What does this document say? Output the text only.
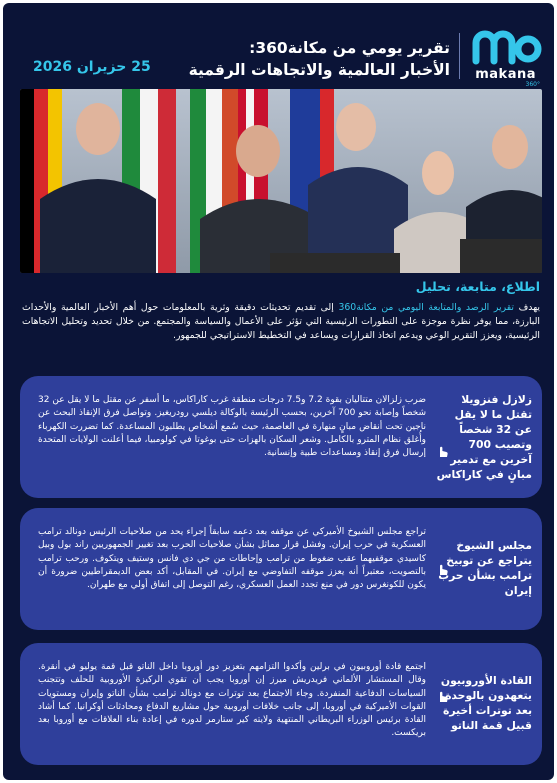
makana
360°
تقرير يومي من مكانة360:
الأخبار العالمية والاتجاهات الرقمية
25 حزيران 2026
اطلاع، متابعة، تحليل
يهدف تقرير الرصد والمتابعة اليومي من مكانة360 إلى تقديم تحديثات دقيقة وثرية بالمعلومات حول أهم الأخبار العالمية والأحداث البارزة، مما يوفر نظرة موجزة على التطورات الرئيسية التي تؤثر على الأعمال والسياسة والمجتمع. من خلال تحديد وتحليل الاتجاهات الرئيسية، ويعزز التقرير الوعي ويدعم اتخاذ القرارات ويساعد في التخطيط الاستراتيجي للجمهور.
زلازل فنزويلا تقتل ما لا يقل عن 32 شخصاً وتصيب 700 آخرين مع تدمير مبانٍ في كاراكاس
ضرب زلزالان متتاليان بقوة 7.2 و7.5 درجات منطقة غرب كاراكاس، ما أسفر عن مقتل ما لا يقل عن 32 شخصاً وإصابة نحو 700 آخرين، بحسب الرئيسة بالوكالة ديلسي رودريغيز. وتواصل فرق الإنقاذ البحث عن ناجين تحت أنقاض مبانٍ منهارة في العاصمة، حيث سُمع أشخاص يطلبون المساعدة. كما تضررت الكهرباء وأُغلق نظام المترو بالكامل. وشعر السكان بالهزات حتى بوغوتا في كولومبيا، فيما أعلنت الولايات المتحدة إرسال فرق إنقاذ ومساعدات طبية وإنسانية.
مجلس الشيوخ يتراجع عن توبيخ ترامب بشأن حرب إيران
تراجع مجلس الشيوخ الأميركي عن موقفه بعد دعمه سابقاً إجراء يحد من صلاحيات الرئيس دونالد ترامب العسكرية في حرب إيران. وفشل قرار مماثل بشأن صلاحيات الحرب بعد تغيير الجمهوريين راند بول وبيل كاسيدي موقفيهما عقب ضغوط من ترامب وإحاطات من جي دي فانس وستيف ويتكوف. ورحب ترامب بالتصويت، معتبراً أنه يعزز موقفه التفاوضي مع إيران. في المقابل، أكد بعض الديمقراطيين ضرورة أن يكون للكونغرس دور في منع تجدد العمل العسكري، رغم التوصل إلى اتفاق أولي مع طهران.
القادة الأوروبيون يتعهدون بالوحدة بعد توترات أخيرة قبيل قمة الناتو
اجتمع قادة أوروبيون في برلين وأكدوا التزامهم بتعزيز دور أوروبا داخل الناتو قبل قمة يوليو في أنقرة. وقال المستشار الألماني فريدريش ميرز إن أوروبا يجب أن تقوي الركيزة الأوروبية للحلف وتتجنب السياسات الدفاعية المنفردة. وجاء الاجتماع بعد توترات مع دونالد ترامب بشأن الناتو وإيران ومستويات القوات الأميركية في أوروبا، إلى جانب خلافات أوروبية حول مشاريع الدفاع ومحادثات أوكرانيا. كما أشاد القادة برئيس الوزراء البريطاني المنتهية ولايته كير ستارمر لدوره في إعادة بناء العلاقات مع أوروبا بعد بريكست.
